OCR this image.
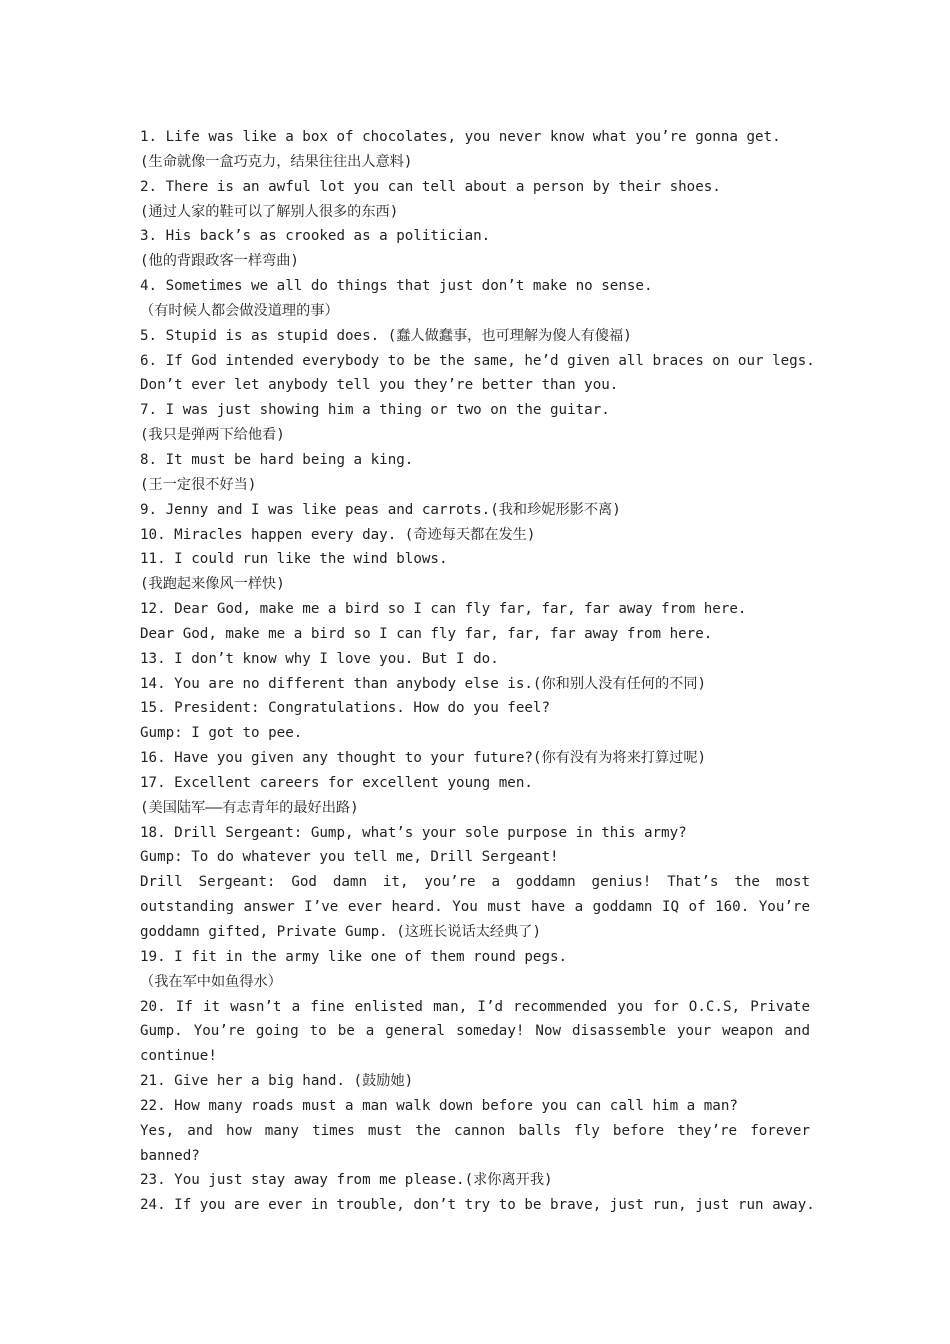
1. Life was like a box of chocolates, you never know what you’re gonna get.
(生命就像一盒巧克力，结果往往出人意料)
2. There is an awful lot you can tell about a person by their shoes.
(通过人家的鞋可以了解别人很多的东西)
3. His back’s as crooked as a politician.
(他的背跟政客一样弯曲)
4. Sometimes we all do things that just don’t make no sense.
（有时候人都会做没道理的事）
5. Stupid is as stupid does. (蠢人做蠢事，也可理解为傻人有傻福)
6. If God intended everybody to be the same, he’d given all braces on our legs.
Don’t ever let anybody tell you they’re better than you.
7. I was just showing him a thing or two on the guitar.
(我只是弹两下给他看)
8. It must be hard being a king.
(王一定很不好当)
9. Jenny and I was like peas and carrots.(我和珍妮形影不离)
10. Miracles happen every day. (奇迹每天都在发生)
11. I could run like the wind blows.
(我跑起来像风一样快)
12. Dear God, make me a bird so I can fly far, far, far away from here.
Dear God, make me a bird so I can fly far, far, far away from here.
13. I don’t know why I love you. But I do.
14. You are no different than anybody else is.(你和别人没有任何的不同)
15. President: Congratulations. How do you feel?
Gump: I got to pee.
16. Have you given any thought to your future?(你有没有为将来打算过呢)
17. Excellent careers for excellent young men.
(美国陆军——有志青年的最好出路)
18. Drill Sergeant: Gump, what’s your sole purpose in this army?
Gump: To do whatever you tell me, Drill Sergeant!
Drill Sergeant: God damn it, you’re a goddamn genius! That’s the most
outstanding answer I’ve ever heard. You must have a goddamn IQ of 160. You’re
goddamn gifted, Private Gump. (这班长说话太经典了)
19. I fit in the army like one of them round pegs.
（我在军中如鱼得水）
20. If it wasn’t a fine enlisted man, I’d recommended you for O.C.S, Private
Gump. You’re going to be a general someday! Now disassemble your weapon and
continue!
21. Give her a big hand. (鼓励她)
22. How many roads must a man walk down before you can call him a man?
Yes, and how many times must the cannon balls fly before they’re forever
banned?
23. You just stay away from me please.(求你离开我)
24. If you are ever in trouble, don’t try to be brave, just run, just run away.
